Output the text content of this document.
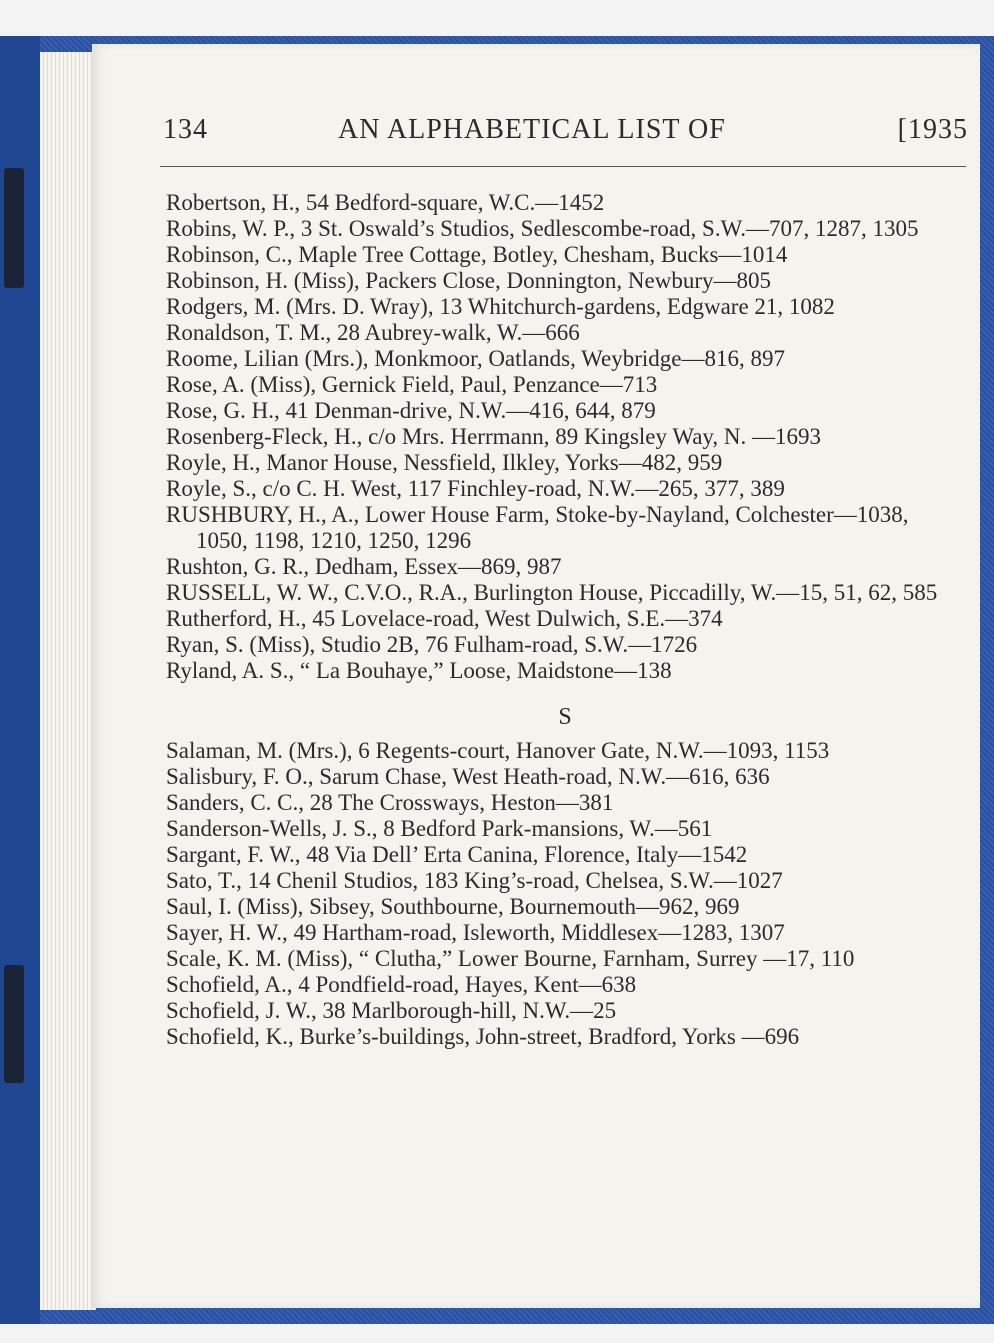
134	AN ALPHABETICAL LIST OF	[1935

Robertson, H., 54 Bedford-square, W.C.—1452

Robins, W. P., 3 St. Oswald’s Studios, Sedlescombe-road, S.W.—707, 1287, 1305

Robinson, C., Maple Tree Cottage, Botley, Chesham, Bucks—1014

Robinson, H. (Miss), Packers Close, Donnington, Newbury—805

Rodgers, M. (Mrs. D. Wray), 13 Whitchurch-gardens, Edgware 21, 1082

Ronaldson, T. M., 28 Aubrey-walk, W.—666

Roome, Lilian (Mrs.), Monkmoor, Oatlands, Weybridge—816, 897

Rose, A. (Miss), Gernick Field, Paul, Penzance—713

Rose, G. H., 41 Denman-drive, N.W.—416, 644, 879

Rosenberg-Fleck, H., c/o Mrs. Herrmann, 89 Kingsley Way, N. —1693

Royle, H., Manor House, Nessfield, Ilkley, Yorks—482, 959

Royle, S., c/o C. H. West, 117 Finchley-road, N.W.—265, 377, 389

RUSHBURY, H., A., Lower House Farm, Stoke-by-Nayland, Colchester—1038, 1050, 1198, 1210, 1250, 1296

Rushton, G. R., Dedham, Essex—869, 987

RUSSELL, W. W., C.V.O., R.A., Burlington House, Piccadilly, W.—15, 51, 62, 585

Rutherford, H., 45 Lovelace-road, West Dulwich, S.E.—374

Ryan, S. (Miss), Studio 2B, 76 Fulham-road, S.W.—1726

Ryland, A. S., “ La Bouhaye,” Loose, Maidstone—138

S

Salaman, M. (Mrs.), 6 Regents-court, Hanover Gate, N.W.—1093, 1153

Salisbury, F. O., Sarum Chase, West Heath-road, N.W.—616, 636

Sanders, C. C., 28 The Crossways, Heston—381

Sanderson-Wells, J. S., 8 Bedford Park-mansions, W.—561

Sargant, F. W., 48 Via Dell’ Erta Canina, Florence, Italy—1542

Sato, T., 14 Chenil Studios, 183 King’s-road, Chelsea, S.W.—1027

Saul, I. (Miss), Sibsey, Southbourne, Bournemouth—962, 969

Sayer, H. W., 49 Hartham-road, Isleworth, Middlesex—1283, 1307

Scale, K. M. (Miss), “ Clutha,” Lower Bourne, Farnham, Surrey —17, 110

Schofield, A., 4 Pondfield-road, Hayes, Kent—638

Schofield, J. W., 38 Marlborough-hill, N.W.—25

Schofield, K., Burke’s-buildings, John-street, Bradford, Yorks —696
